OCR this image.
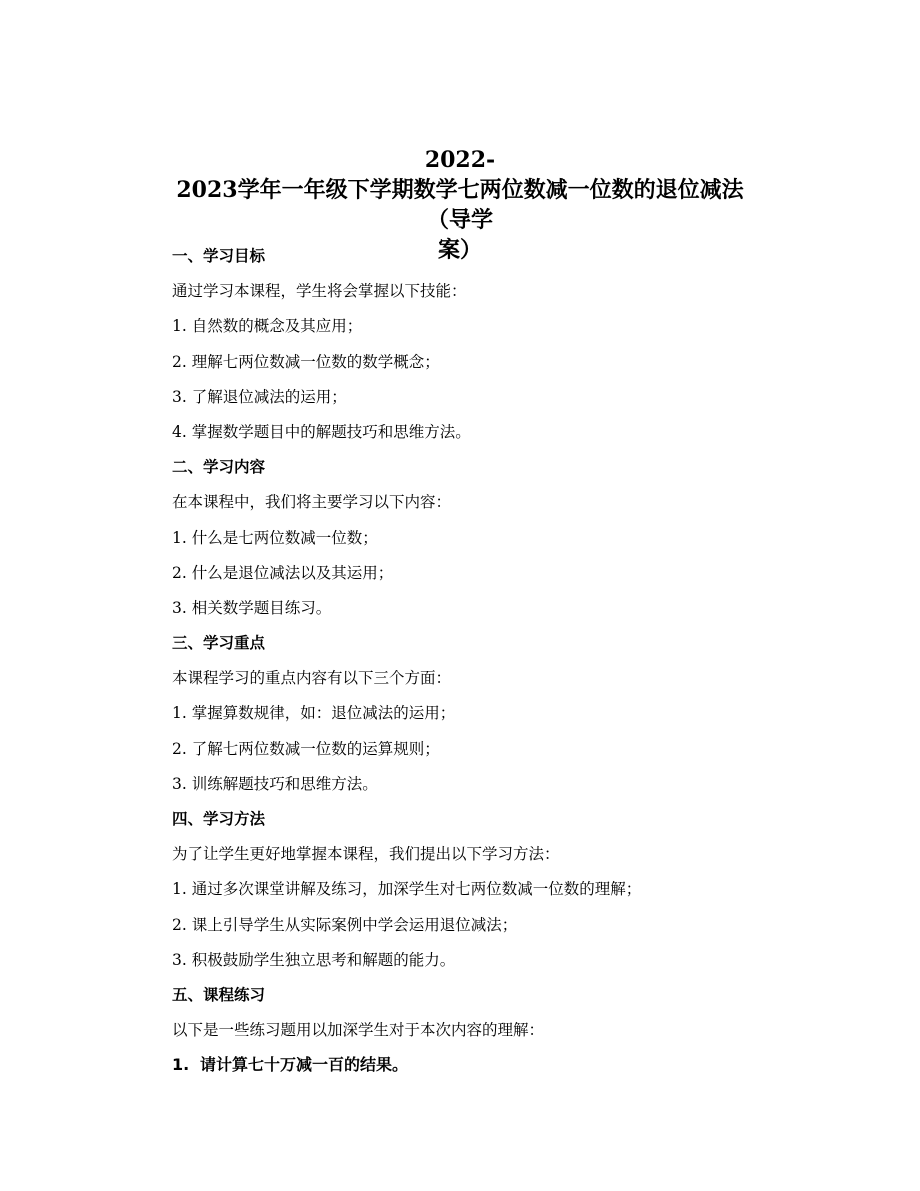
2022-
2023学年一年级下学期数学七两位数减一位数的退位减法（导学
案）
一、学习目标
通过学习本课程，学生将会掌握以下技能：
1. 自然数的概念及其应用；
2. 理解七两位数减一位数的数学概念；
3. 了解退位减法的运用；
4. 掌握数学题目中的解题技巧和思维方法。
二、学习内容
在本课程中，我们将主要学习以下内容：
1. 什么是七两位数减一位数；
2. 什么是退位减法以及其运用；
3. 相关数学题目练习。
三、学习重点
本课程学习的重点内容有以下三个方面：
1. 掌握算数规律，如：退位减法的运用；
2. 了解七两位数减一位数的运算规则；
3. 训练解题技巧和思维方法。
四、学习方法
为了让学生更好地掌握本课程，我们提出以下学习方法：
1. 通过多次课堂讲解及练习，加深学生对七两位数减一位数的理解；
2. 课上引导学生从实际案例中学会运用退位减法；
3. 积极鼓励学生独立思考和解题的能力。
五、课程练习
以下是一些练习题用以加深学生对于本次内容的理解：
1. 请计算七十万减一百的结果。
